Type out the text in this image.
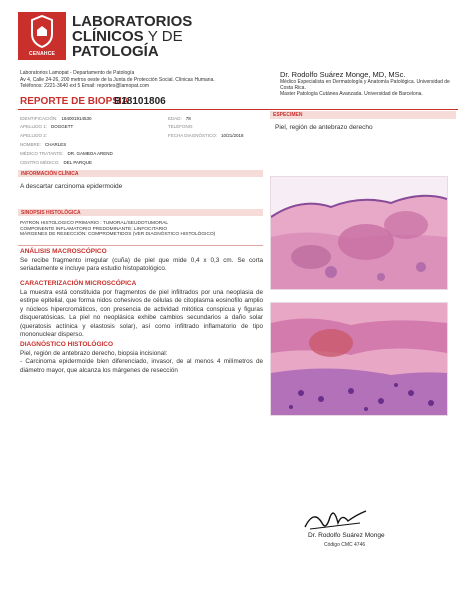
CENAHCE
LABORATORIOS
CLÍNICOS Y DE
PATOLOGÍA
Laboratorios Lamopat - Departamento de Patología
Av 4, Calle 24-26, 200 metros oeste de la Junta de Protección Social. Clínicas Humana.
Teléfonos: 2221-3640 ext 5 Email: reportes@lamopat.com
Dr. Rodolfo Suárez Monge, MD, MSc.
Médico Especialista en Dermatología y Anatomía Patológica. Universidad de Costa Rica.
Master Patología Cutánea Avanzada. Universidad de Barcelona.
REPORTE DE BIOPSIA
B18101806
IDENTIFICACIÓN: 184001914530
APELLIDO 1: DOGGETT
APELLIDO 2:
NOMBRE: CHARLES
MÉDICO TRATANTE: DR. GAMBOA AREND
CENTRO MÉDICO: DEL PARQUE
EDAD: 78
TELÉFONO:
FECHA DIAGNÓSTICO: 10/21/2018
ESPECIMEN
Piel, región de antebrazo derecho
INFORMACIÓN CLÍNICA
A descartar carcinoma epidermoide
SINOPSIS HISTOLÓGICA
PATRON HISTOLOGICO PRIMARIO : TUMORAL/SEUDOTUMORAL
COMPONENTE INFLAMATORIO PREDOMINANTE: LINFOCITARIO
MÁRGENES DE RESECCIÓN: COMPROMETIDOS (VER DIAGNÓSTICO HISTOLÓGICO)
ANÁLISIS MACROSCÓPICO
Se recibe fragmento irregular (cuña) de piel que mide 0,4 x 0,3 cm. Se corta seriadamente e incluye para estudio histopatológico.
CARACTERIZACIÓN MICROSCÓPICA
La muestra está constituida por fragmentos de piel infiltrados por una neoplasia de estirpe epitelial, que forma nidos cohesivos de células de citoplasma eosinofilo amplio y núcleos hipercromáticos, con presencia de actividad mitótica conspicua y figuras disqueratósicas. La piel no neoplásica exhibe cambios secundarios a daño solar (queratosis actínica y elastosis solar), así como infiltrado inflamatorio de tipo mononuclear disperso.
DIAGNÓSTICO HISTOLÓGICO
Piel, región de antebrazo derecho, biopsia incisional:
- Carcinoma epidermoide bien diferenciado, invasor, de al menos 4 milímetros de diámetro mayor, que alcanza los márgenes de resección
Dr. Rodolfo Suárez Monge
Código CMC 4746
